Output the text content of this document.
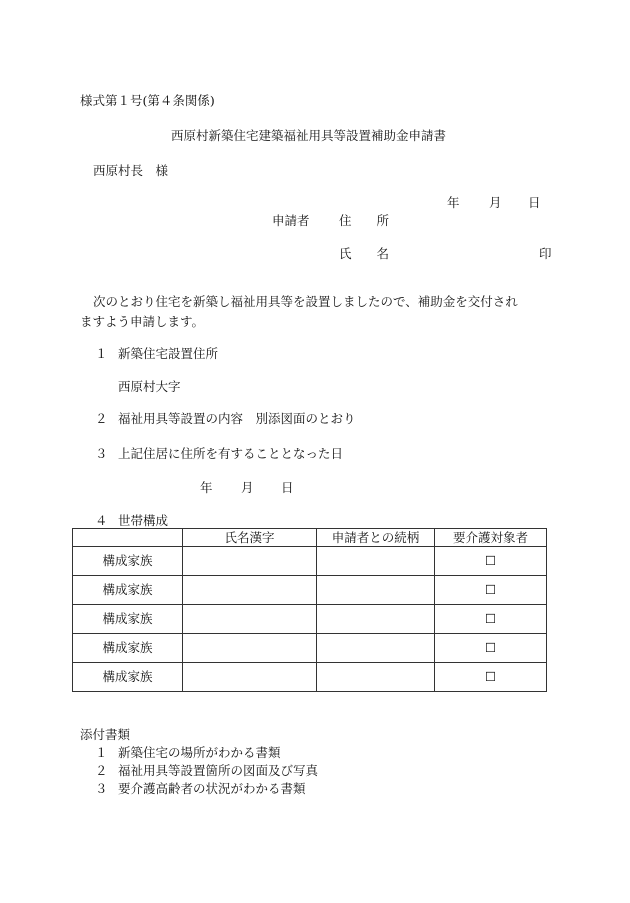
様式第１号(第４条関係)
西原村新築住宅建築福祉用具等設置補助金申請書
西原村長　様
年 月 日
申請者 住　　所
氏　　名	印
次のとおり住宅を新築し福祉用具等を設置しましたので、補助金を交付され
ますよう申請します。
１ 新築住宅設置住所
西原村大字
２ 福祉用具等設置の内容　別添図面のとおり
３ 上記住居に住所を有することとなった日
年 月 日
４ 世帯構成
	氏名漢字	申請者との続柄	要介護対象者
構成家族			☐
構成家族			☐
構成家族			☐
構成家族			☐
構成家族			☐
添付書類
１ 新築住宅の場所がわかる書類
２ 福祉用具等設置箇所の図面及び写真
３ 要介護高齢者の状況がわかる書類
